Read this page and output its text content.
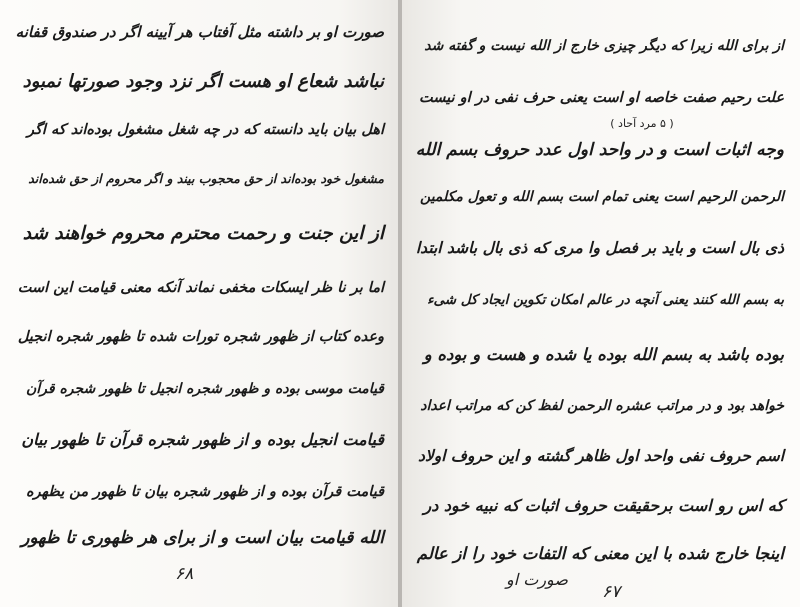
صورت او بر داشته مثل آفتاب هر آیینه اگر در صندوق قفانه
نباشد شعاع او هست اگر نزد وجود صورتها نمبود
اهل بیان باید دانسته که در چه شغل مشغول بوده‌اند که اگر
مشغول خود بوده‌اند از حق محجوب بیند و اگر محروم از حق شده‌اند
از این جنت و رحمت محترم محروم خواهند شد
اما بر نا ظر ایسکات مخفی نماند آنکه معنی قیامت این است
وعده کتاب از ظهور شجره تورات شده تا ظهور شجره انجیل
قیامت موسی بوده و ظهور شجره انجیل تا ظهور شجره قرآن
قیامت انجیل بوده و از ظهور شجره قرآن تا ظهور بیان
قیامت قرآن بوده و از ظهور شجره بیان تا ظهور من یظهره
الله قیامت بیان است و از برای هر ظهوری تا ظهور
۶۸
از برای الله زیرا که دیگر چیزی خارج از الله نیست و گفته شد
علت رحیم صفت خاصه او است یعنی حرف نفی در او نیست
وجه اثبات است و در واحد اول عدد حروف بسم الله
الرحمن الرحیم است یعنی تمام است بسم الله و تعول مکلمین
ذی بال است و باید بر فصل وا مری که ذی بال باشد ابتدا
به بسم الله کنند یعنی آنچه در عالم امکان تکوین ایجاد کل شیء
بوده باشد به بسم الله بوده یا شده و هست و بوده و
خواهد بود و در مراتب عشره الرحمن لفظ کن که مراتب اعداد
اسم حروف نفی واحد اول ظاهر گشته و این حروف اولاد
که اس رو است برحقیقت حروف اثبات که نبیه خود در
اینجا خارج شده با این معنی که التفات خود را از عالم
( ۵ مرد آحاد )
صورت او
۶۷
